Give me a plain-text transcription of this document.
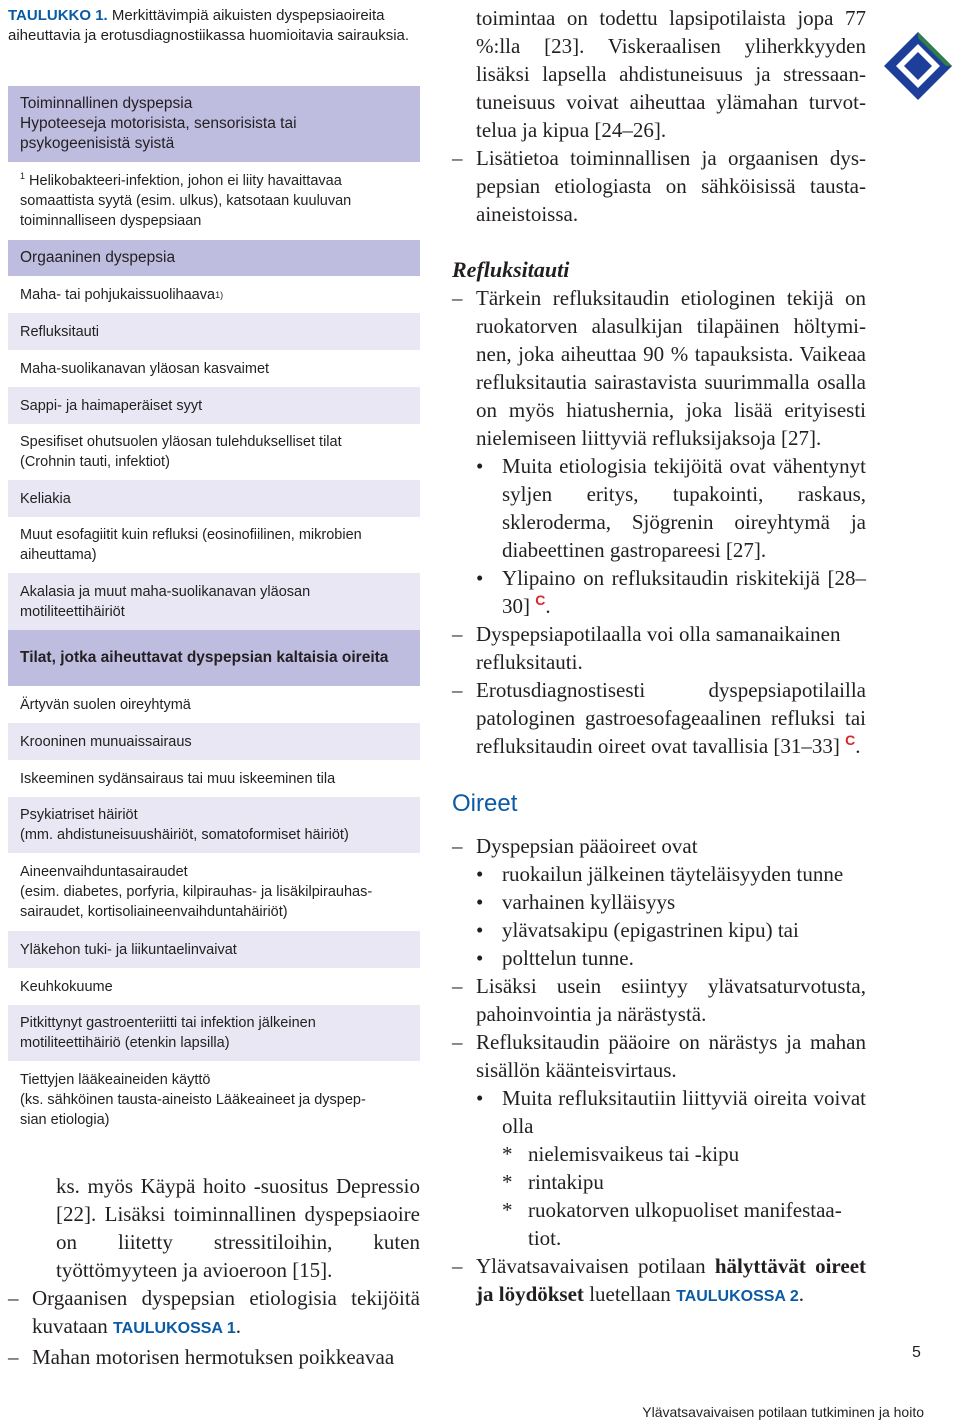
TAULUKKO 1. Merkittävimpiä aikuisten dyspepsiaoireita aiheuttavia ja erotusdiagnostiikassa huomioitavia sairauksia.
Toiminnallinen dyspepsia
Hypoteeseja motorisista, sensorisista tai psykogeenisistä syistä
$^1$ Helikobakteeri-infektion, johon ei liity havaittavaa somaattista syytä (esim. ulkus), katsotaan kuuluvan toiminnalliseen dyspepsiaan
Orgaaninen dyspepsia
Maha- tai pohjukaissuolihaava 1)
Refluksitauti
Maha-suolikanavan yläosan kasvaimet
Sappi- ja haimaperäiset syyt
Spesifiset ohutsuolen yläosan tulehdukselliset tilat
(Crohnin tauti, infektiot)
Keliakia
Muut esofagiitit kuin refluksi (eosinofiilinen, mikrobien aiheuttama)
Akalasia ja muut maha-suolikanavan yläosan motiliteettihäiriöt
Tilat, jotka aiheuttavat dyspepsian kaltaisia oireita
Ärtyvän suolen oireyhtymä
Krooninen munuaissairaus
Iskeeminen sydänsairaus tai muu iskeeminen tila
Psykiatriset häiriöt
(mm. ahdistuneisuushäiriöt, somatoformiset häiriöt)
Aineenvaihduntasairaudet
(esim. diabetes, porfyria, kilpirauhas- ja lisäkilpirauhas-
sairaudet, kortisoliaineenvaihduntahäiriöt)
Yläkehon tuki- ja liikuntaelinvaivat
Keuhkokuume
Pitkittynyt gastroenteriitti tai infektion jälkeinen motiliteettihäiriö (etenkin lapsilla)
Tiettyjen lääkeaineiden käyttö
(ks. sähköinen tausta-aineisto Lääkeaineet ja dyspep-
sian etiologia)

ks. myös Käypä hoito -suositus Depressio [22]. Lisäksi toiminnallinen dyspepsiaoire on liitetty stressitiloihin, kuten työttömyyteen ja avioeroon [15].

– Orgaanisen dyspepsian etiologisia tekijöitä kuvataan TAULUKOSSA 1.
– Mahan motorisen hermotuksen poikkeavaa

toimintaa on todettu lapsipotilaista jopa 77 %:lla [23]. Viskeraalisen yliherkkyyden lisäksi lapsella ahdistuneisuus ja stressaantuneisuus voivat aiheuttaa ylämahan turvottelua ja kipua [24–26].

– Lisätietoa toiminnallisen ja orgaanisen dyspepsian etiologiasta on sähköisissä taustaaineistoissa.
Refluksitauti
– Tärkein refluksitaudin etiologinen tekijä on ruokatorven alasulkijan tilapäinen höltyminen, joka aiheuttaa 90 % tapauksista. Vaikeaa refluksitautia sairastavista suurimmalla osalla on myös hiatushernia, joka lisää erityisesti nielemiseen liittyviä refluksijaksoja [27].
• Muita etiologisia tekijöitä ovat vähentynyt syljen eritys, tupakointi, raskaus, skleroderma, Sjögrenin oireyhtymä ja diabeettinen gastropareesi [27].
• Ylipaino on refluksitaudin riskitekijä [28–30] $^C$.
– Dyspepsiapotilaalla voi olla samanaikainen refluksitauti.
– Erotusdiagnostisesti dyspepsiapotilailla patologinen gastroesofageaalinen refluksi tai refluksitaudin oireet ovat tavallisia [31–33] $^C$.
Oireet
– Dyspepsian pääoireet ovat
• ruokailun jälkeinen täyteläisyyden tunne
• varhainen kylläisyys
• ylävatsakipu (epigastrinen kipu) tai
• polttelun tunne.
– Lisäksi usein esiintyy ylävatsaturvotusta, pahoinvointia ja närästystä.
– Refluksitaudin pääoire on närästys ja mahan sisällön käänteisvirtaus.
• Muita refluksitautiin liittyviä oireita voivat olla
* nielemisvaikeus tai -kipu
* rintakipu
* ruokatorven ulkopuoliset manifestaatiot.
– Ylävatsavaivaisen potilaan hälyttävät oireet ja löydökset luetellaan TAULUKOSSA 2.
5
Ylävatsavaivaisen potilaan tutkiminen ja hoito
